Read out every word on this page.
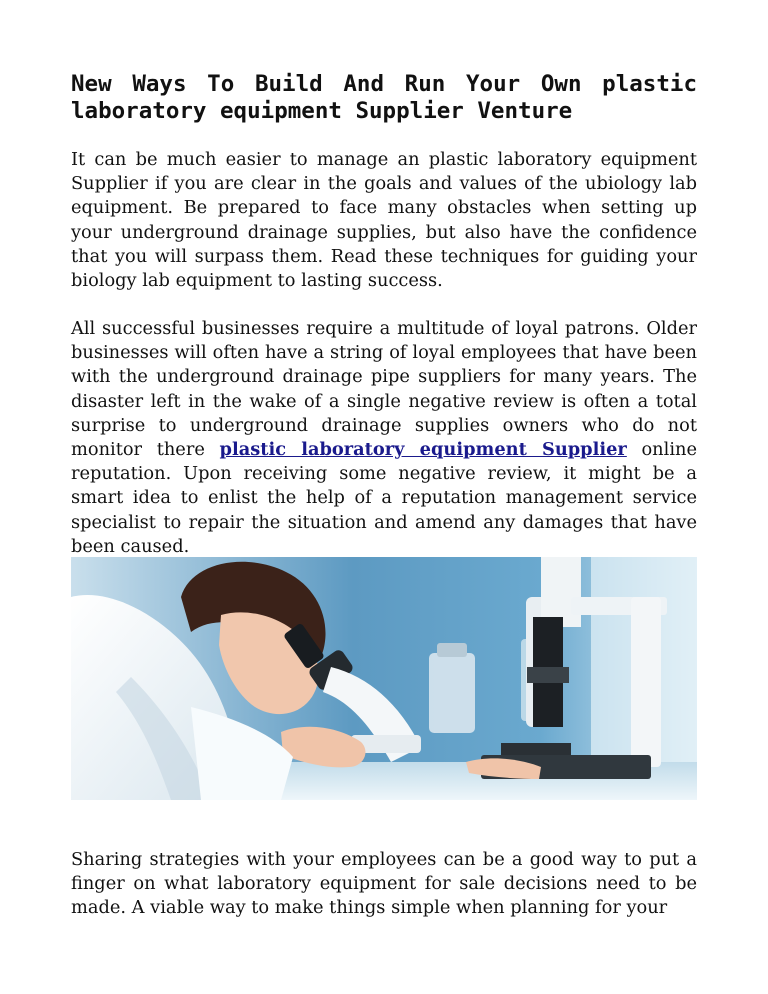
New Ways To Build And Run Your Own plastic laboratory equipment Supplier Venture

It can be much easier to manage an plastic laboratory equipment Supplier if you are clear in the goals and values of the ubiology lab equipment. Be prepared to face many obstacles when setting up your underground drainage supplies, but also have the confidence that you will surpass them. Read these techniques for guiding your biology lab equipment to lasting success.

All successful businesses require a multitude of loyal patrons. Older businesses will often have a string of loyal employees that have been with the underground drainage pipe suppliers for many years. The disaster left in the wake of a single negative review is often a total surprise to underground drainage supplies owners who do not monitor there plastic laboratory equipment Supplier online reputation. Upon receiving some negative review, it might be a smart idea to enlist the help of a reputation management service specialist to repair the situation and amend any damages that have been caused.

Sharing strategies with your employees can be a good way to put a finger on what laboratory equipment for sale decisions need to be made. A viable way to make things simple when planning for your
